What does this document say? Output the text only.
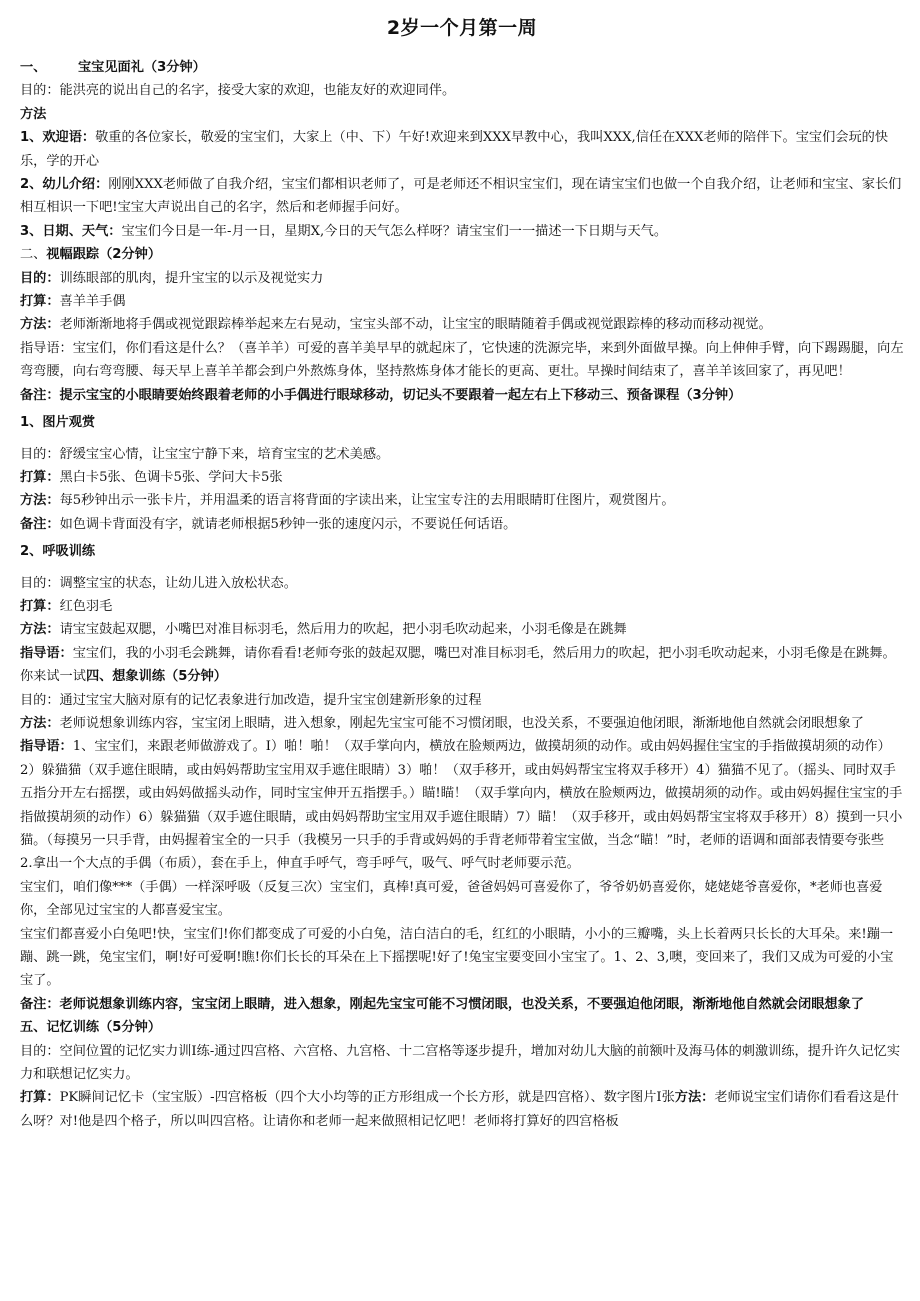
2岁一个月第一周

一、 宝宝见面礼（3分钟）

目的：能洪亮的说出自己的名字，接受大家的欢迎，也能友好的欢迎同伴。

方法

1、欢迎语：敬重的各位家长，敬爱的宝宝们，大家上（中、下）午好!欢迎来到XXX早教中心，我叫XXX,信任在XXX老师的陪伴下。宝宝们会玩的快乐，学的开心

2、幼儿介绍：刚刚XXX老师做了自我介绍，宝宝们都相识老师了，可是老师还不相识宝宝们，现在请宝宝们也做一个自我介绍，让老师和宝宝、家长们相互相识一下吧!宝宝大声说出自己的名字，然后和老师握手问好。

3、日期、天气：宝宝们今日是一年-月一日，星期X,今日的天气怎么样呀？请宝宝们一一描述一下日期与天气。

二、视幅跟踪（2分钟）

目的：训练眼部的肌肉，提升宝宝的以示及视觉实力

打算：喜羊羊手偶

方法：老师渐渐地将手偶或视觉跟踪棒举起来左右晃动，宝宝头部不动，让宝宝的眼睛随着手偶或视觉跟踪棒的移动而移动视觉。

指导语：宝宝们，你们看这是什么？（喜羊羊）可爱的喜羊美早早的就起床了，它快速的洗源完毕，来到外面做早操。向上伸伸手臂，向下踢踢腿，向左弯弯腰，向右弯弯腰、每天早上喜羊羊都会到户外熬炼身体，坚持熬炼身体才能长的更高、更壮。早操时间结束了，喜羊羊该回家了，再见吧！

备注：提示宝宝的小眼睛要始终跟着老师的小手偶进行眼球移动，切记头不要跟着一起左右上下移动三、预备课程（3分钟）

1、图片观赏

目的：舒缓宝宝心情，让宝宝宁静下来，培育宝宝的艺术美感。

打算：黑白卡5张、色调卡5张、学问大卡5张

方法：每5秒钟出示一张卡片，并用温柔的语言将背面的字读出来，让宝宝专注的去用眼睛盯住图片，观赏图片。

备注：如色调卡背面没有字，就请老师根据5秒钟一张的速度闪示，不要说任何话语。

2、呼吸训练

目的：调整宝宝的状态，让幼儿进入放松状态。

打算：红色羽毛

方法：请宝宝鼓起双腮，小嘴巴对准目标羽毛，然后用力的吹起，把小羽毛吹动起来，小羽毛像是在跳舞

指导语：宝宝们，我的小羽毛会跳舞，请你看看!老师夸张的鼓起双腮，嘴巴对准目标羽毛，然后用力的吹起，把小羽毛吹动起来，小羽毛像是在跳舞。你来试一试四、想象训练（5分钟）

目的：通过宝宝大脑对原有的记忆表象进行加改造，提升宝宝创建新形象的过程

方法：老师说想象训练内容，宝宝闭上眼睛，进入想象，刚起先宝宝可能不习惯闭眼，也没关系，不要强迫他闭眼，渐渐地他自然就会闭眼想象了

指导语：1、宝宝们，来跟老师做游戏了。I）啪！啪！（双手掌向内，横放在脸颊两边，做摸胡须的动作。或由妈妈握住宝宝的手指做摸胡须的动作）2）躲猫猫（双手遮住眼睛，或由妈妈帮助宝宝用双手遮住眼睛）3）啪！（双手移开，或由妈妈帮宝宝将双手移开）4）猫猫不见了。（摇头、同时双手五指分开左右摇摆，或由妈妈做摇头动作，同时宝宝伸开五指摆手。）瞄!瞄！（双手掌向内，横放在脸颊两边，做摸胡须的动作。或由妈妈握住宝宝的手指做摸胡须的动作）6）躲猫猫（双手遮住眼睛，或由妈妈帮助宝宝用双手遮住眼睛）7）瞄！（双手移开，或由妈妈帮宝宝将双手移开）8）摸到一只小猫。（每摸另一只手背，由妈握着宝全的一只手（我模另一只手的手背或妈妈的手背老师带着宝宝做，当念“瞄！”时，老师的语调和面部表情要夸张些

2.拿出一个大点的手偶（布质），套在手上，伸直手呼气，弯手呼气，吸气、呼气时老师要示范。

宝宝们，咱们像***（手偶）一样深呼吸（反复三次）宝宝们，真棒!真可爱，爸爸妈妈可喜爱你了，爷爷奶奶喜爱你，姥姥姥爷喜爱你，*老师也喜爱你，全部见过宝宝的人都喜爱宝宝。

宝宝们都喜爱小白兔吧!快，宝宝们!你们都变成了可爱的小白兔，洁白洁白的毛，红红的小眼睛，小小的三瓣嘴，头上长着两只长长的大耳朵。来!蹦一蹦、跳一跳，兔宝宝们，啊!好可爱啊!瞧!你们长长的耳朵在上下摇摆呢!好了!兔宝宝要变回小宝宝了。1、2、3,噢，变回来了，我们又成为可爱的小宝宝了。

备注：老师说想象训练内容，宝宝闭上眼睛，进入想象，刚起先宝宝可能不习惯闭眼，也没关系，不要强迫他闭眼，渐渐地他自然就会闭眼想象了

五、记忆训练（5分钟）

目的：空间位置的记忆实力训I练-通过四宫格、六宫格、九宫格、十二宫格等逐步提升，增加对幼儿大脑的前额叶及海马体的刺激训练，提升许久记忆实力和联想记忆实力。

打算：PK瞬间记忆卡（宝宝版）-四宫格板（四个大小均等的正方形组成一个长方形，就是四宫格）、数字图片I张方法：老师说宝宝们请你们看看这是什么呀？对!他是四个格子，所以叫四宫格。让请你和老师一起来做照相记忆吧！老师将打算好的四宫格板
